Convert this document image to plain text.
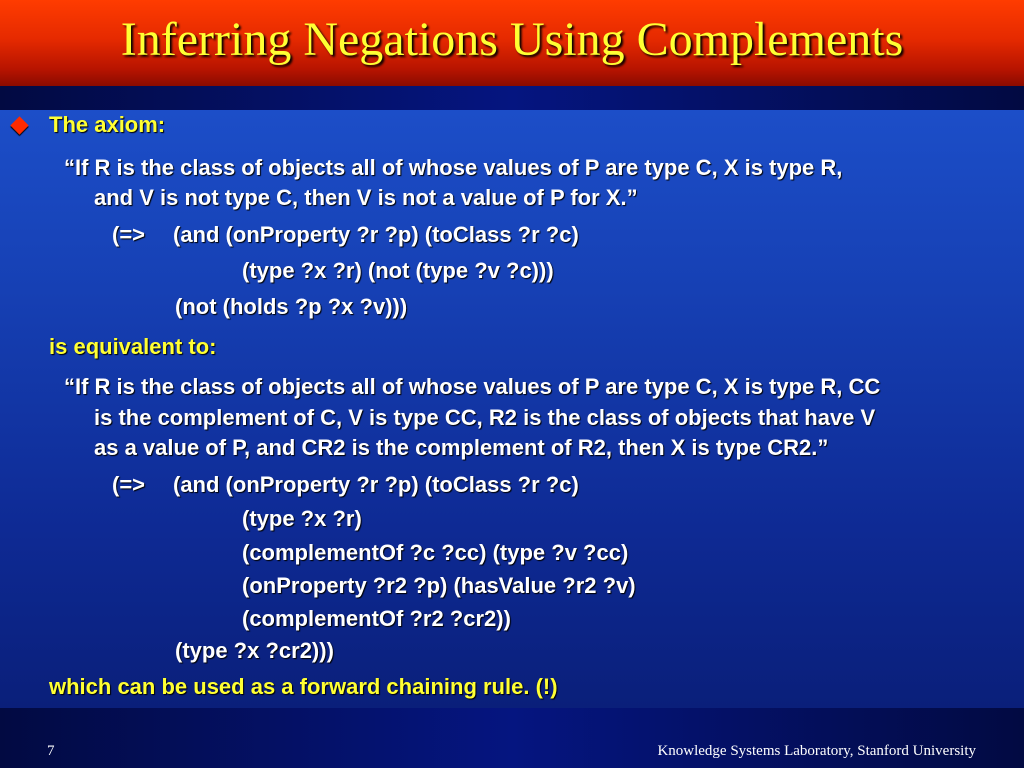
Inferring Negations Using Complements
The axiom:
“If R is the class of objects all of whose values of P are type C, X is type R,
and V is not type C, then V is not a value of P for X.”
(=> (and (onProperty ?r ?p) (toClass ?r ?c)
(type ?x ?r) (not (type ?v ?c)))
(not (holds ?p ?x ?v)))
is equivalent to:
“If R is the class of objects all of whose values of P are type C, X is type R, CC
is the complement of C, V is type CC, R2 is the class of objects that have V
as a value of P, and CR2 is the complement of R2, then X is type CR2.”
(=> (and (onProperty ?r ?p) (toClass ?r ?c)
(type ?x ?r)
(complementOf ?c ?cc) (type ?v ?cc)
(onProperty ?r2 ?p) (hasValue ?r2 ?v)
(complementOf ?r2 ?cr2))
(type ?x ?cr2)))
which can be used as a forward chaining rule. (!)
7	Knowledge Systems Laboratory, Stanford University
